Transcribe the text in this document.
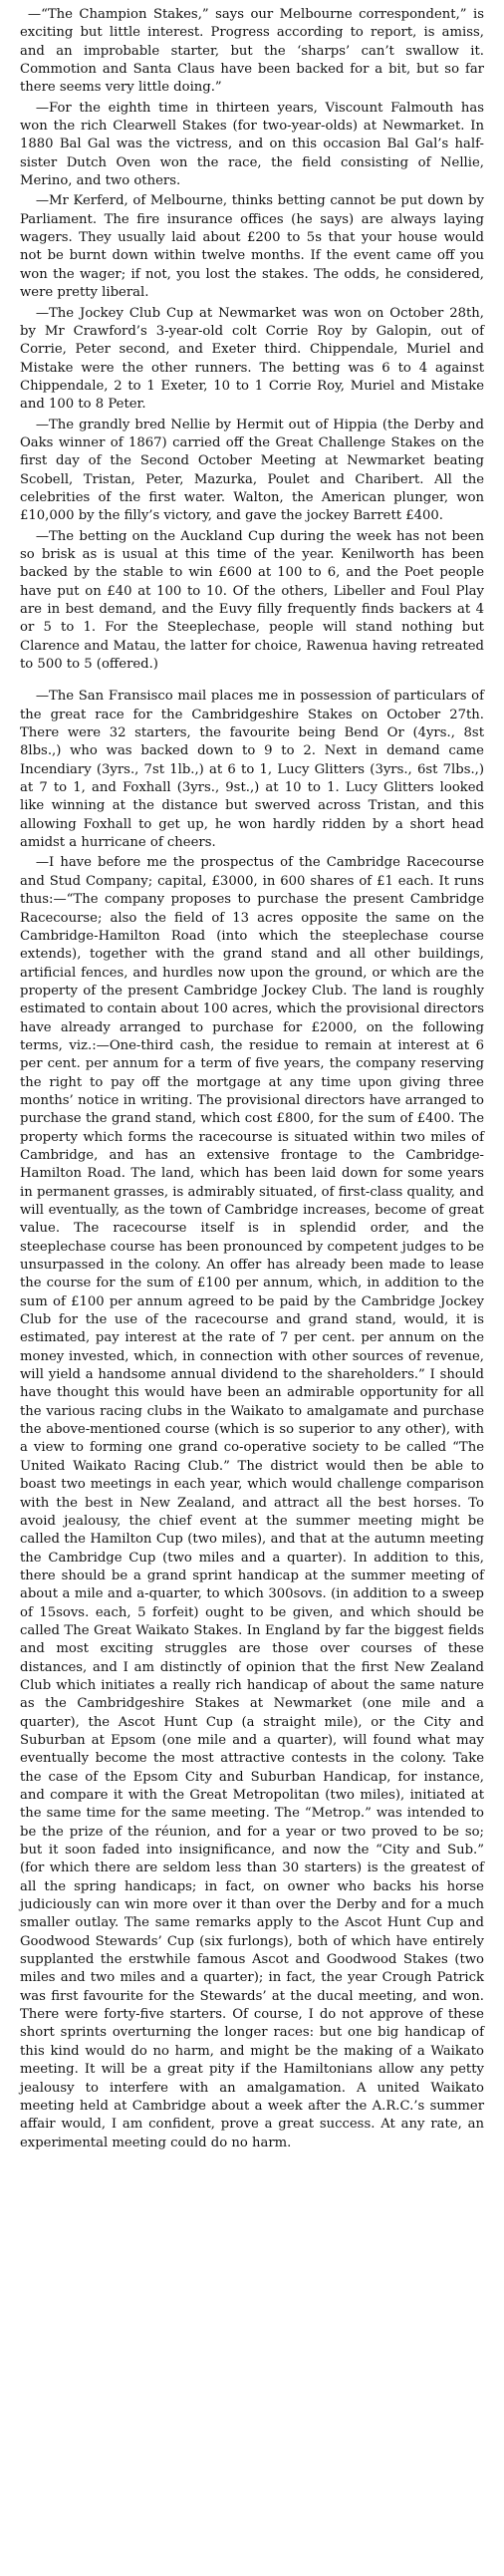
—“The Champion Stakes,” says our Melbourne correspondent,” is exciting but little interest. Progress according to report, is amiss, and an improbable starter, but the ‘sharps’ can’t swallow it. Commotion and Santa Claus have been backed for a bit, but so far there seems very little doing.”

—For the eighth time in thirteen years, Viscount Falmouth has won the rich Clearwell Stakes (for two-year-olds) at Newmarket. In 1880 Bal Gal was the victress, and on this occasion Bal Gal’s half-sister Dutch Oven won the race, the field consisting of Nellie, Merino, and two others.

—Mr Kerferd, of Melbourne, thinks betting cannot be put down by Parliament. The fire insurance offices (he says) are always laying wagers. They usually laid about £200 to 5s that your house would not be burnt down within twelve months. If the event came off you won the wager; if not, you lost the stakes. The odds, he considered, were pretty liberal.

—The Jockey Club Cup at Newmarket was won on October 28th, by Mr Crawford’s 3-year-old colt Corrie Roy by Galopin, out of Corrie, Peter second, and Exeter third. Chippendale, Muriel and Mistake were the other runners. The betting was 6 to 4 against Chippendale, 2 to 1 Exeter, 10 to 1 Corrie Roy, Muriel and Mistake and 100 to 8 Peter.

—The grandly bred Nellie by Hermit out of Hippia (the Derby and Oaks winner of 1867) carried off the Great Challenge Stakes on the first day of the Second October Meeting at Newmarket beating Scobell, Tristan, Peter, Mazurka, Poulet and Charibert. All the celebrities of the first water. Walton, the American plunger, won £10,000 by the filly’s victory, and gave the jockey Barrett £400.

—The betting on the Auckland Cup during the week has not been so brisk as is usual at this time of the year. Kenilworth has been backed by the stable to win £600 at 100 to 6, and the Poet people have put on £40 at 100 to 10. Of the others, Libeller and Foul Play are in best demand, and the Euvy filly frequently finds backers at 4 or 5 to 1. For the Steeplechase, people will stand nothing but Clarence and Matau, the latter for choice, Rawenua having retreated to 500 to 5 (offered.)

—The San Fransisco mail places me in possession of particulars of the great race for the Cambridgeshire Stakes on October 27th. There were 32 starters, the favourite being Bend Or (4yrs., 8st 8lbs.,) who was backed down to 9 to 2. Next in demand came Incendiary (3yrs., 7st 1lb.,) at 6 to 1, Lucy Glitters (3yrs., 6st 7lbs.,) at 7 to 1, and Foxhall (3yrs., 9st.,) at 10 to 1. Lucy Glitters looked like winning at the distance but swerved across Tristan, and this allowing Foxhall to get up, he won hardly ridden by a short head amidst a hurricane of cheers.

—I have before me the prospectus of the Cambridge Racecourse and Stud Company; capital, £3000, in 600 shares of £1 each. It runs thus:—“The company proposes to purchase the present Cambridge Racecourse; also the field of 13 acres opposite the same on the Cambridge-Hamilton Road (into which the steeplechase course extends), together with the grand stand and all other buildings, artificial fences, and hurdles now upon the ground, or which are the property of the present Cambridge Jockey Club. The land is roughly estimated to contain about 100 acres, which the provisional directors have already arranged to purchase for £2000, on the following terms, viz.:—One-third cash, the residue to remain at interest at 6 per cent. per annum for a term of five years, the company reserving the right to pay off the mortgage at any time upon giving three months’ notice in writing. The provisional directors have arranged to purchase the grand stand, which cost £800, for the sum of £400. The property which forms the racecourse is situated within two miles of Cambridge, and has an extensive frontage to the Cambridge-Hamilton Road. The land, which has been laid down for some years in permanent grasses, is admirably situated, of first-class quality, and will eventually, as the town of Cambridge increases, become of great value. The racecourse itself is in splendid order, and the steeplechase course has been pronounced by competent judges to be unsurpassed in the colony. An offer has already been made to lease the course for the sum of £100 per annum, which, in addition to the sum of £100 per annum agreed to be paid by the Cambridge Jockey Club for the use of the racecourse and grand stand, would, it is estimated, pay interest at the rate of 7 per cent. per annum on the money invested, which, in connection with other sources of revenue, will yield a handsome annual dividend to the shareholders.” I should have thought this would have been an admirable opportunity for all the various racing clubs in the Waikato to amalgamate and purchase the above-mentioned course (which is so superior to any other), with a view to forming one grand co-operative society to be called “The United Waikato Racing Club.” The district would then be able to boast two meetings in each year, which would challenge comparison with the best in New Zealand, and attract all the best horses. To avoid jealousy, the chief event at the summer meeting might be called the Hamilton Cup (two miles), and that at the autumn meeting the Cambridge Cup (two miles and a quarter). In addition to this, there should be a grand sprint handicap at the summer meeting of about a mile and a-quarter, to which 300sovs. (in addition to a sweep of 15sovs. each, 5 forfeit) ought to be given, and which should be called The Great Waikato Stakes. In England by far the biggest fields and most exciting struggles are those over courses of these distances, and I am distinctly of opinion that the first New Zealand Club which initiates a really rich handicap of about the same nature as the Cambridgeshire Stakes at Newmarket (one mile and a quarter), the Ascot Hunt Cup (a straight mile), or the City and Suburban at Epsom (one mile and a quarter), will found what may eventually become the most attractive contests in the colony. Take the case of the Epsom City and Suburban Handicap, for instance, and compare it with the Great Metropolitan (two miles), initiated at the same time for the same meeting. The “Metrop.” was intended to be the prize of the réunion, and for a year or two proved to be so; but it soon faded into insignificance, and now the “City and Sub.” (for which there are seldom less than 30 starters) is the greatest of all the spring handicaps; in fact, on owner who backs his horse judiciously can win more over it than over the Derby and for a much smaller outlay. The same remarks apply to the Ascot Hunt Cup and Goodwood Stewards’ Cup (six furlongs), both of which have entirely supplanted the erstwhile famous Ascot and Goodwood Stakes (two miles and two miles and a quarter); in fact, the year Crough Patrick was first favourite for the Stewards’ at the ducal meeting, and won. There were forty-five starters. Of course, I do not approve of these short sprints overturning the longer races: but one big handicap of this kind would do no harm, and might be the making of a Waikato meeting. It will be a great pity if the Hamiltonians allow any petty jealousy to interfere with an amalgamation. A united Waikato meeting held at Cambridge about a week after the A.R.C.’s summer affair would, I am confident, prove a great success. At any rate, an experimental meeting could do no harm.
